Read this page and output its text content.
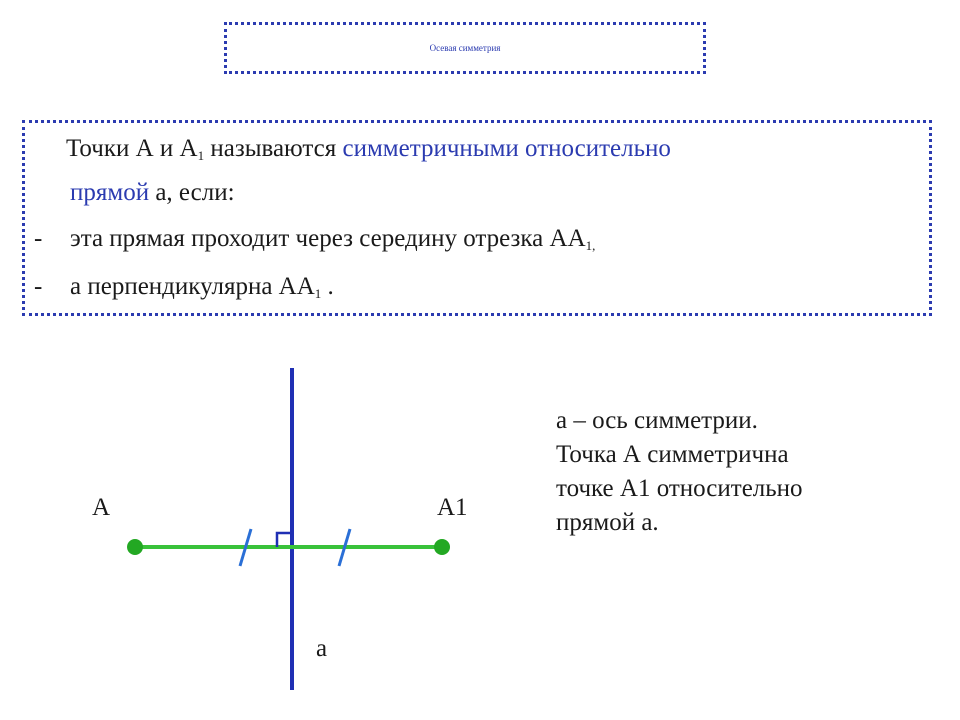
Осевая симметрия
Точки А и $А_1$ называются симметричными относительно
прямой а, если:
- эта прямая проходит через середину отрезка $АА_{1,}$
- а перпендикулярна $АА_1$ .
А	А1
а
а – ось симметрии.
Точка А симметрична
точке А1 относительно
прямой а.
